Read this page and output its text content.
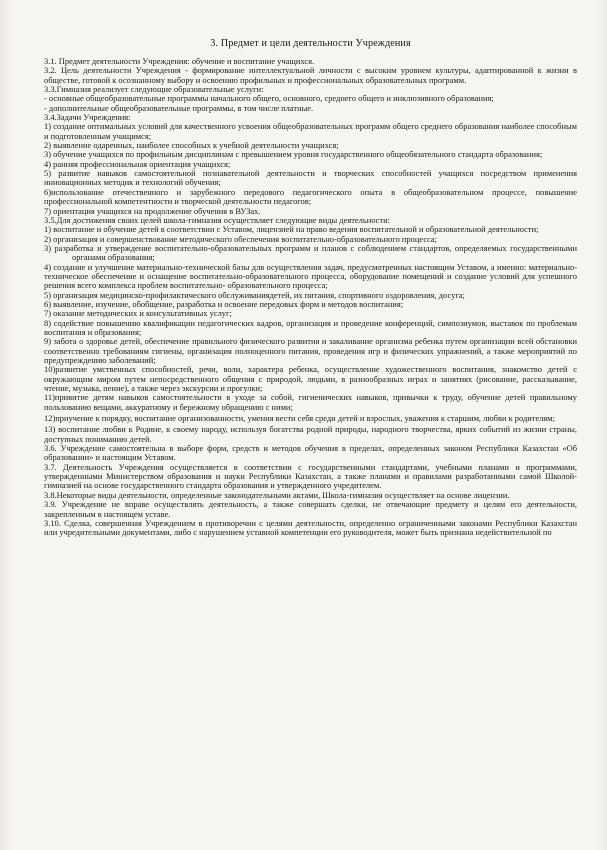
3. Предмет и цели деятельности Учреждения

3.1. Предмет деятельности Учреждения: обучение и воспитание учащихся.

3.2. Цель деятельности Учреждения - формирование интеллектуальной личности с высоким уровнем культуры, адаптированной к жизни в обществе, готовой к осознанному выбору и освоению профильных и профессиональных образовательных программ.

3.3.Гимназия реализует следующие образовательные услуги:

- основные общеобразовательные программы начального общего, основного, среднего общего и инклюзивного образования;

- дополнительные общеобразовательные программы, в том числе платные.

3.4.Задачи Учреждения:

1) создание оптимальных условий для качественного усвоения общеобразовательных программ общего среднего образования наиболее способным и подготовленным учащимся;

2) выявление одаренных, наиболее способных к учебной деятельности учащихся;

3) обучение учащихся по профильным дисциплинам с превышением уровня государственного общеобязательного стандарта образования;

4) ранняя профессиональная ориентация учащихся;

5) развитие навыков самостоятельной познавательной деятельности и творческих способностей учащихся посредством применения инновационных методик и технологий обучения;

6)использование отечественного и зарубежного передового педагогического опыта в общеобразовательном процессе, повышение профессиональной компетентности и творческой деятельности педагогов;

7) ориентация учащихся на продолжение обучения в ВУЗах.

3.5.Для достижения своих целей школа-гимназия осуществляет следующие виды деятельности:

1) воспитание и обучение детей в соответствии с Уставом, лицензией на право ведения воспитательной и образовательной деятельности;

2) организация и совершенствование методического обеспечения воспитательно-образовательного процесса;

3) разработка и утверждение воспитательно-образовательных программ и планов с соблюдением стандартов, определяемых государственными органами образования;

4) создание и улучшение материально-технической базы для осуществления задач, предусмотренных настоящим Уставом, а именно: материально-техническое обеспечение и оснащение воспитательно-образовательного процесса, оборудование помещений и создание условий для успешного решения всего комплекса проблем воспитательно- образовательного процесса;

5) организация медицинско-профилактического обслуживаниядетей, их питания, спортивного оздоровления, досуга;

6) выявление, изучение, обобщение, разработка и освоение передовых форм и методов воспитания;

7) оказание методических и консультативных услуг;

8) содействие повышению квалификации педагогических кадров, организация и проведение конференций, симпозиумов, выставок по проблемам воспитания и образования;

9) забота о здоровье детей, обеспечение правильного физического развития и закаливание организма ребенка путем организации всей обстановки соответственно требованиям гигиены, организация полноценного питания, проведения игр и физических упражнений, а также мероприятий по предупреждению заболеваний;

10)развитие умственных способностей, речи, воли, характера ребенка, осуществление художественного воспитания, знакомство детей с окружающим миром путем непосредственного общения с природой, людьми, в разнообразных играх и занятиях (рисование, рассказывание, чтение, музыка, пение), а также через экскурсии и прогулки;

11)привитие детям навыков самостоятельности в уходе за собой, гигиенических навыков, привычки к труду, обучение детей правильному пользованию вещами, аккуратному и бережному обращению с ними;

12)приучение к порядку, воспитание организованности, умения вести себя среди детей и взрослых, уважения к старшим, любви к родителям;

13) воспитание любви к Родине, к своему народу, используя богатства родной природы, народного творчества, ярких событий из жизни страны, доступных пониманию детей.

3.6. Учреждение самостоятельна в выборе форм, средств и методов обучения в пределах, определенных законом Республики Казахстан «Об образовании» и настоящим Уставом.

3.7. Деятельность Учреждения осуществляется в соответствии с государственными стандартами, учебными планами и программами, утвержденными Министерством образования и науки Республики Казахстан, а также планами и правилами разработанными самой Школой-гимназией на основе государственного стандарта образования и утвержденного учредителем.

3.8.Некоторые виды деятельности, определенные законодательными актами, Школа-гимназия осуществляет на основе лицензии.

3.9. Учреждение не вправе осуществлять деятельность, а также совершать сделки, не отвечающие предмету и целям его деятельности, закрепленным в настоящем уставе.

3.10. Сделка, совершенная Учреждением в противоречии с целями деятельности, определенно ограниченными законами Республики Казахстан или учредительными документами, либо с нарушением уставной компетенции его руководителя, может быть признана недействительной по
